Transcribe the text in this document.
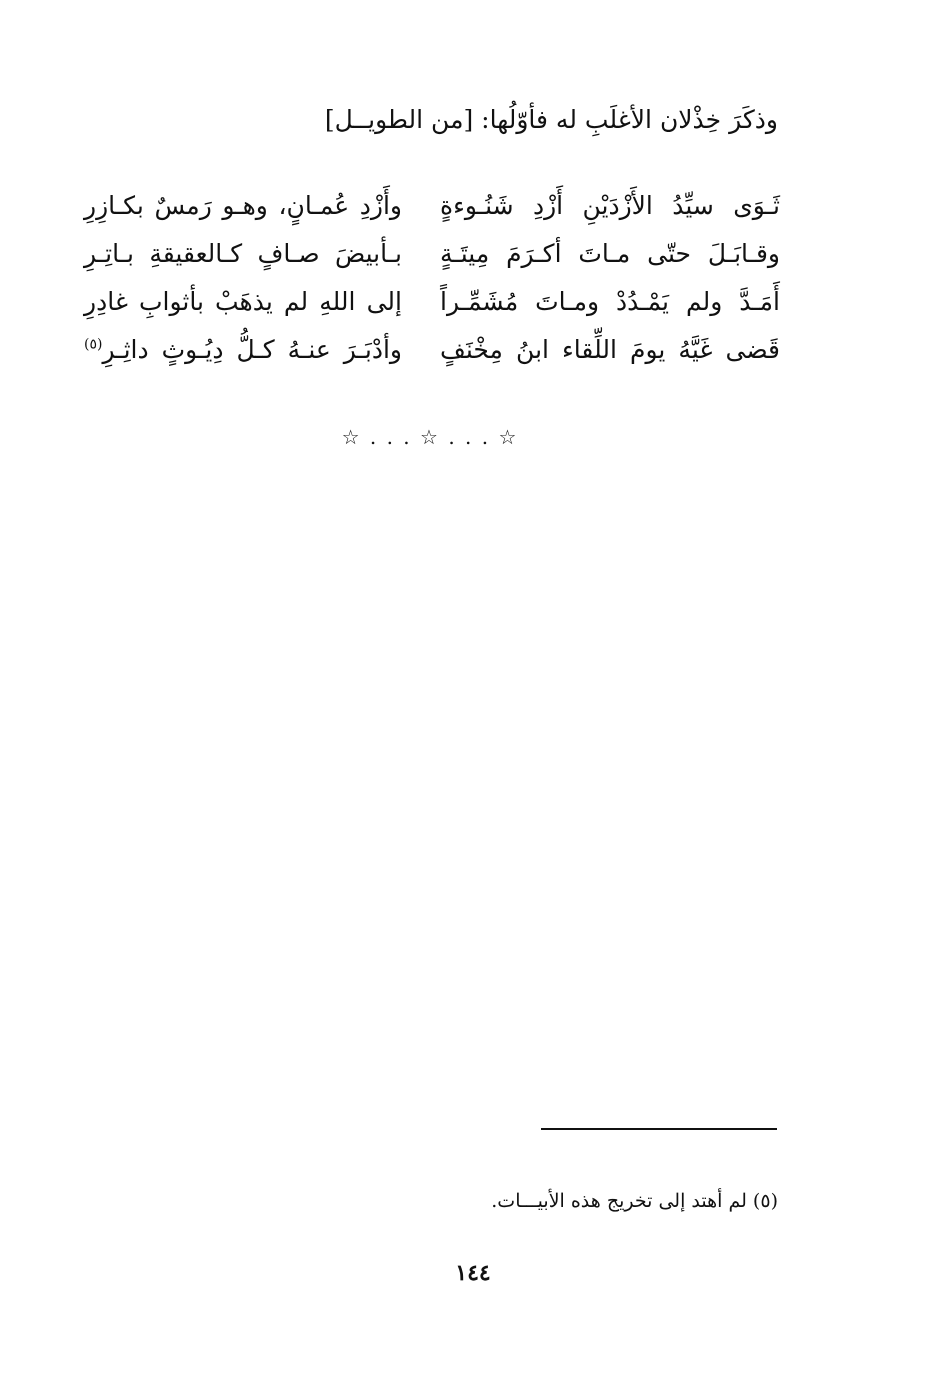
وذكَرَ خِذْلان الأغلَبِ له فأوّلُها: [من الطويــل]
ثَـوَى سيِّدُ الأَزْدَيْنِ أَزْدِ شَنُـوءةٍ
وأَزْدِ عُمـانٍ، وهـو رَمسٌ بكـازِرِ
وقـابَـلَ حتّى مـاتَ أكـرَمَ مِيتَـةٍ
بـأبيضَ صـافٍ كـالعقيقةِ بـاتِـرِ
أَمَـدَّ ولم يَمْـدُدْ ومـاتَ مُشَمِّـراً
إلى اللهِ لم يذهَبْ بأثوابِ غادِرِ
قَضى غَيَّهُ يومَ اللِّقاء ابنُ مِخْنَفٍ
وأدْبَـرَ عنـهُ كـلُّ دِيُـوثٍ داثِـرِ$^{(٥)}$
☆ . . . ☆ . . . ☆
(٥) لم أهتد إلى تخريج هذه الأبيـــات.
١٤٤
